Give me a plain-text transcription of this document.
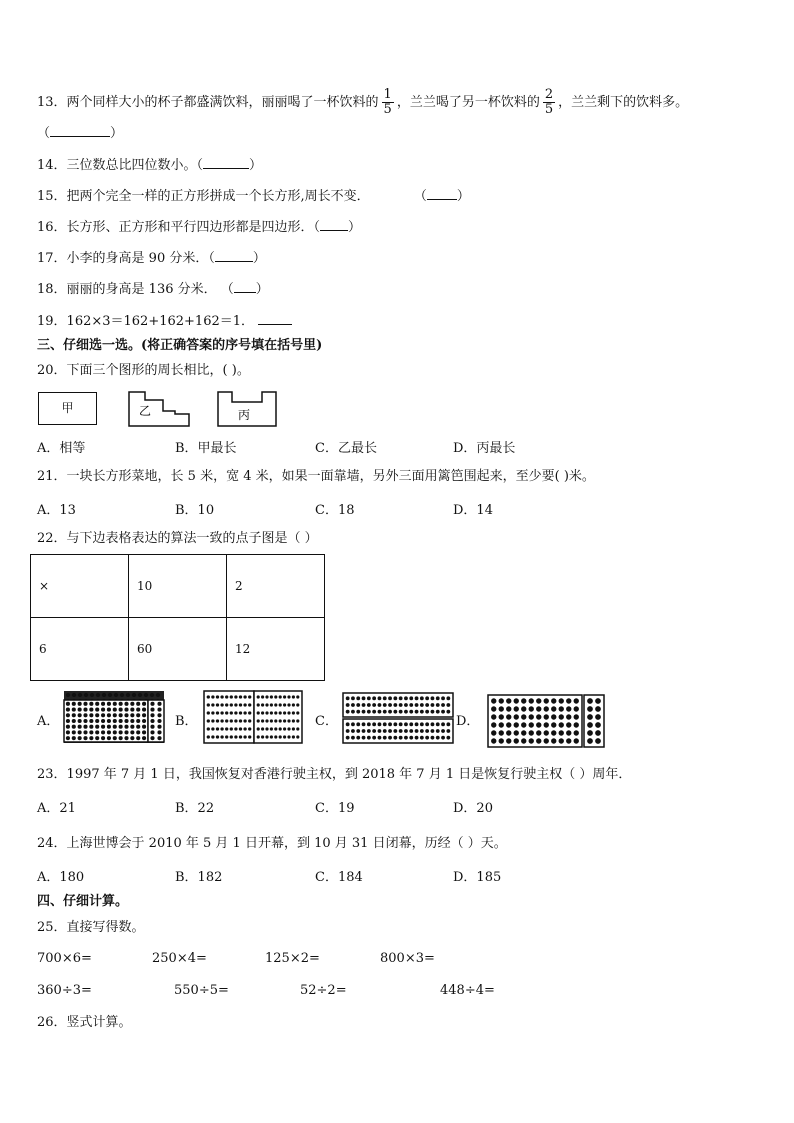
13．两个同样大小的杯子都盛满饮料，丽丽喝了一杯饮料的 $\frac{1}{5}$ ，兰兰喝了另一杯饮料的 $\frac{2}{5}$ ，兰兰剩下的饮料多。
（	）
14．三位数总比四位数小。（	）
15．把两个完全一样的正方形拼成一个长方形,周长不变．	（ ）
16．长方形、正方形和平行四边形都是四边形．（ ）
17．小李的身高是 90 分米．（	）
18．丽丽的身高是 136 分米． （ ）
19．162×3＝162+162+162＝1．
三、仔细选一选。(将正确答案的序号填在括号里)
20．下面三个图形的周长相比，( )。
甲	乙	丙
A．相等	B．甲最长	C．乙最长	D．丙最长
21．一块长方形菜地，长 5 米，宽 4 米，如果一面靠墙，另外三面用篱笆围起来，至少要( )米。
A．13	B．10	C．18	D．14
22．与下边表格表达的算法一致的点子图是（ ）
×	10	2
6	60	12
A．	B．	C．	D．
23．1997 年 7 月 1 日，我国恢复对香港行驶主权，到 2018 年 7 月 1 日是恢复行驶主权（ ）周年．
A．21	B．22	C．19	D．20
24．上海世博会于 2010 年 5 月 1 日开幕，到 10 月 31 日闭幕，历经（ ）天。
A．180	B．182	C．184	D．185
四、仔细计算。
25．直接写得数。
700×6=	250×4=	125×2=	800×3=
360÷3=	550÷5=	52÷2=	448÷4=
26．竖式计算。
